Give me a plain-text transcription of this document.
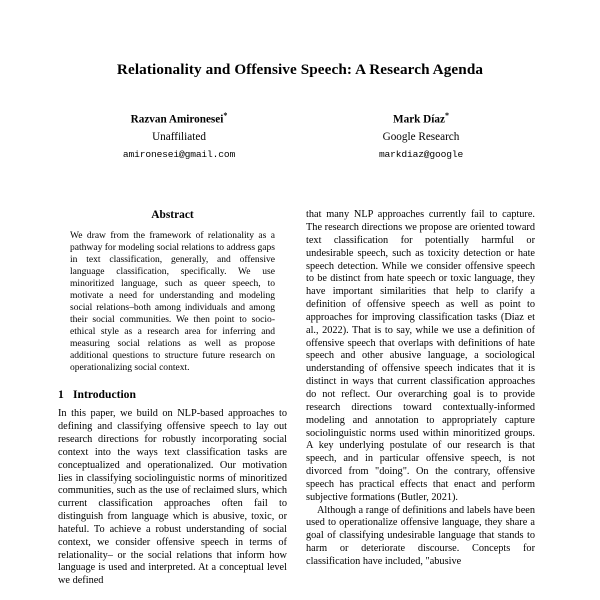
Relationality and Offensive Speech: A Research Agenda
Razvan Amironesei*
Unaffiliated
amironesei@gmail.com
Mark Díaz*
Google Research
markdiaz@google
Abstract

We draw from the framework of relationality as a pathway for modeling social relations to address gaps in text classification, generally, and offensive language classification, specifically. We use minoritized language, such as queer speech, to motivate a need for understanding and modeling social relations–both among individuals and among their social communities. We then point to socio-ethical style as a research area for inferring and measuring social relations as well as propose additional questions to structure future research on operationalizing social context.

1 Introduction

In this paper, we build on NLP-based approaches to defining and classifying offensive speech to lay out research directions for robustly incorporating social context into the ways text classification tasks are conceptualized and operationalized. Our motivation lies in classifying sociolinguistic norms of minoritized communities, such as the use of reclaimed slurs, which current classification approaches often fail to distinguish from language which is abusive, toxic, or hateful. To achieve a robust understanding of social context, we consider offensive speech in terms of relationality– or the social relations that inform how language is used and interpreted. At a conceptual level we defined

that many NLP approaches currently fail to capture. The research directions we propose are oriented toward text classification for potentially harmful or undesirable speech, such as toxicity detection or hate speech detection. While we consider offensive speech to be distinct from hate speech or toxic language, they have important similarities that help to clarify a definition of offensive speech as well as point to approaches for improving classification tasks (Diaz et al., 2022). That is to say, while we use a definition of offensive speech that overlaps with definitions of hate speech and other abusive language, a sociological understanding of offensive speech indicates that it is distinct in ways that current classification approaches do not reflect. Our overarching goal is to provide research directions toward contextually-informed modeling and annotation to appropriately capture sociolinguistic norms used within minoritized groups. A key underlying postulate of our research is that speech, and in particular offensive speech, is not divorced from "doing". On the contrary, offensive speech has practical effects that enact and perform subjective formations (Butler, 2021).

Although a range of definitions and labels have been used to operationalize offensive language, they share a goal of classifying undesirable language that stands to harm or deteriorate discourse. Concepts for classification have included, "abusive
